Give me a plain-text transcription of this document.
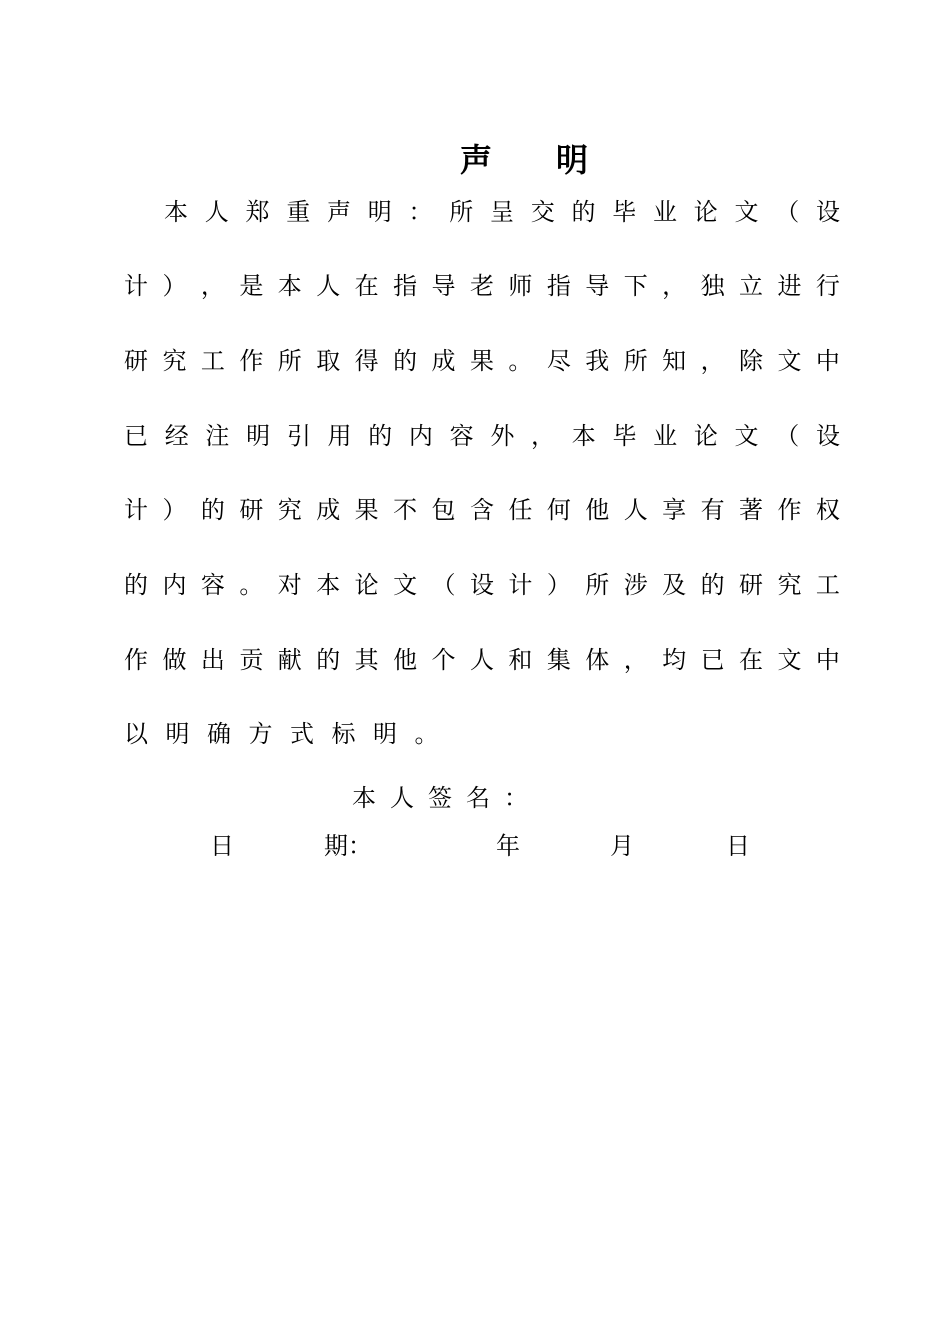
声 明
本 人 郑 重 声 明 ： 所 呈 交 的 毕 业 论 文 （ 设
计 ） ， 是 本 人 在 指 导 老 师 指 导 下 ， 独 立 进 行
研 究 工 作 所 取 得 的 成 果 。 尽 我 所 知 ， 除 文 中
已 经 注 明 引 用 的 内 容 外 ， 本 毕 业 论 文 （ 设
计 ） 的 研 究 成 果 不 包 含 任 何 他 人 享 有 著 作 权
的 内 容 。 对 本 论 文 （ 设 计 ） 所 涉 及 的 研 究 工
作 做 出 贡 献 的 其 他 个 人 和 集 体 ， 均 已 在 文 中
以 明 确 方 式 标 明 。
本 人 签 名 ：
日	期：	年	月	日
